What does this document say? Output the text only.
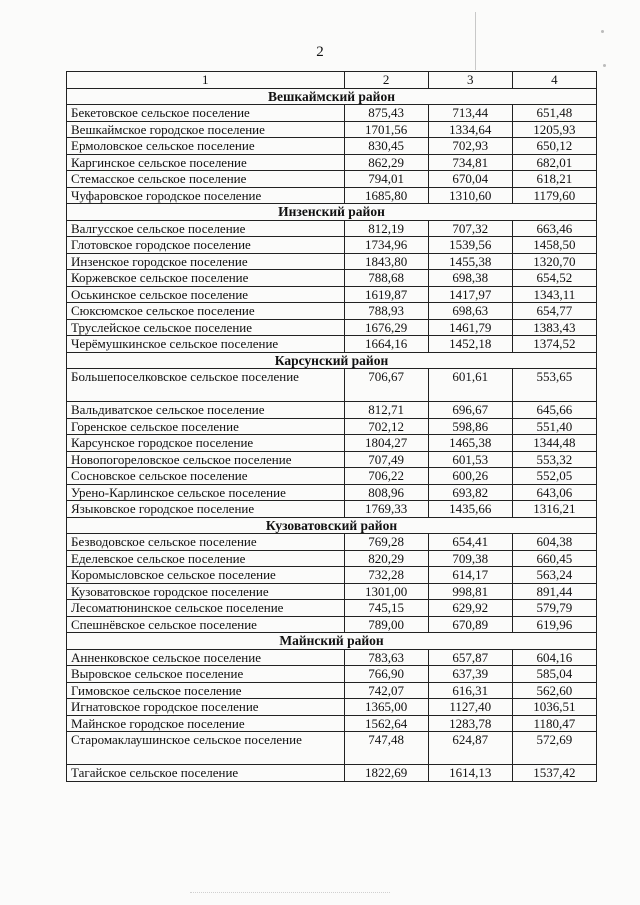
2
1	2	3	4
Вешкаймский район			
Бекетовское сельское поселение	875,43	713,44	651,48
Вешкаймское городское поселение	1701,56	1334,64	1205,93
Ермоловское сельское поселение	830,45	702,93	650,12
Каргинское сельское поселение	862,29	734,81	682,01
Стемасское сельское поселение	794,01	670,04	618,21
Чуфаровское городское поселение	1685,80	1310,60	1179,60
Инзенский район			
Валгусское сельское поселение	812,19	707,32	663,46
Глотовское городское поселение	1734,96	1539,56	1458,50
Инзенское городское поселение	1843,80	1455,38	1320,70
Коржевское сельское поселение	788,68	698,38	654,52
Оськинское сельское поселение	1619,87	1417,97	1343,11
Сюксюмское сельское поселение	788,93	698,63	654,77
Труслейское сельское поселение	1676,29	1461,79	1383,43
Черёмушкинское сельское поселение	1664,16	1452,18	1374,52
Карсунский район			
Большепоселковское сельское поселение	706,67	601,61	553,65
Вальдиватское сельское поселение	812,71	696,67	645,66
Горенское сельское поселение	702,12	598,86	551,40
Карсунское городское поселение	1804,27	1465,38	1344,48
Новопогореловское сельское поселение	707,49	601,53	553,32
Сосновское сельское поселение	706,22	600,26	552,05
Урено-Карлинское сельское поселение	808,96	693,82	643,06
Языковское городское поселение	1769,33	1435,66	1316,21
Кузоватовский район			
Безводовское сельское поселение	769,28	654,41	604,38
Еделевское сельское поселение	820,29	709,38	660,45
Коромысловское сельское поселение	732,28	614,17	563,24
Кузоватовское городское поселение	1301,00	998,81	891,44
Лесоматюнинское сельское поселение	745,15	629,92	579,79
Спешнёвское сельское поселение	789,00	670,89	619,96
Майнский район			
Анненковское сельское поселение	783,63	657,87	604,16
Выровское сельское поселение	766,90	637,39	585,04
Гимовское сельское поселение	742,07	616,31	562,60
Игнатовское городское поселение	1365,00	1127,40	1036,51
Майнское городское поселение	1562,64	1283,78	1180,47
Старомаклаушинское сельское поселение	747,48	624,87	572,69
Тагайское сельское поселение	1822,69	1614,13	1537,42
